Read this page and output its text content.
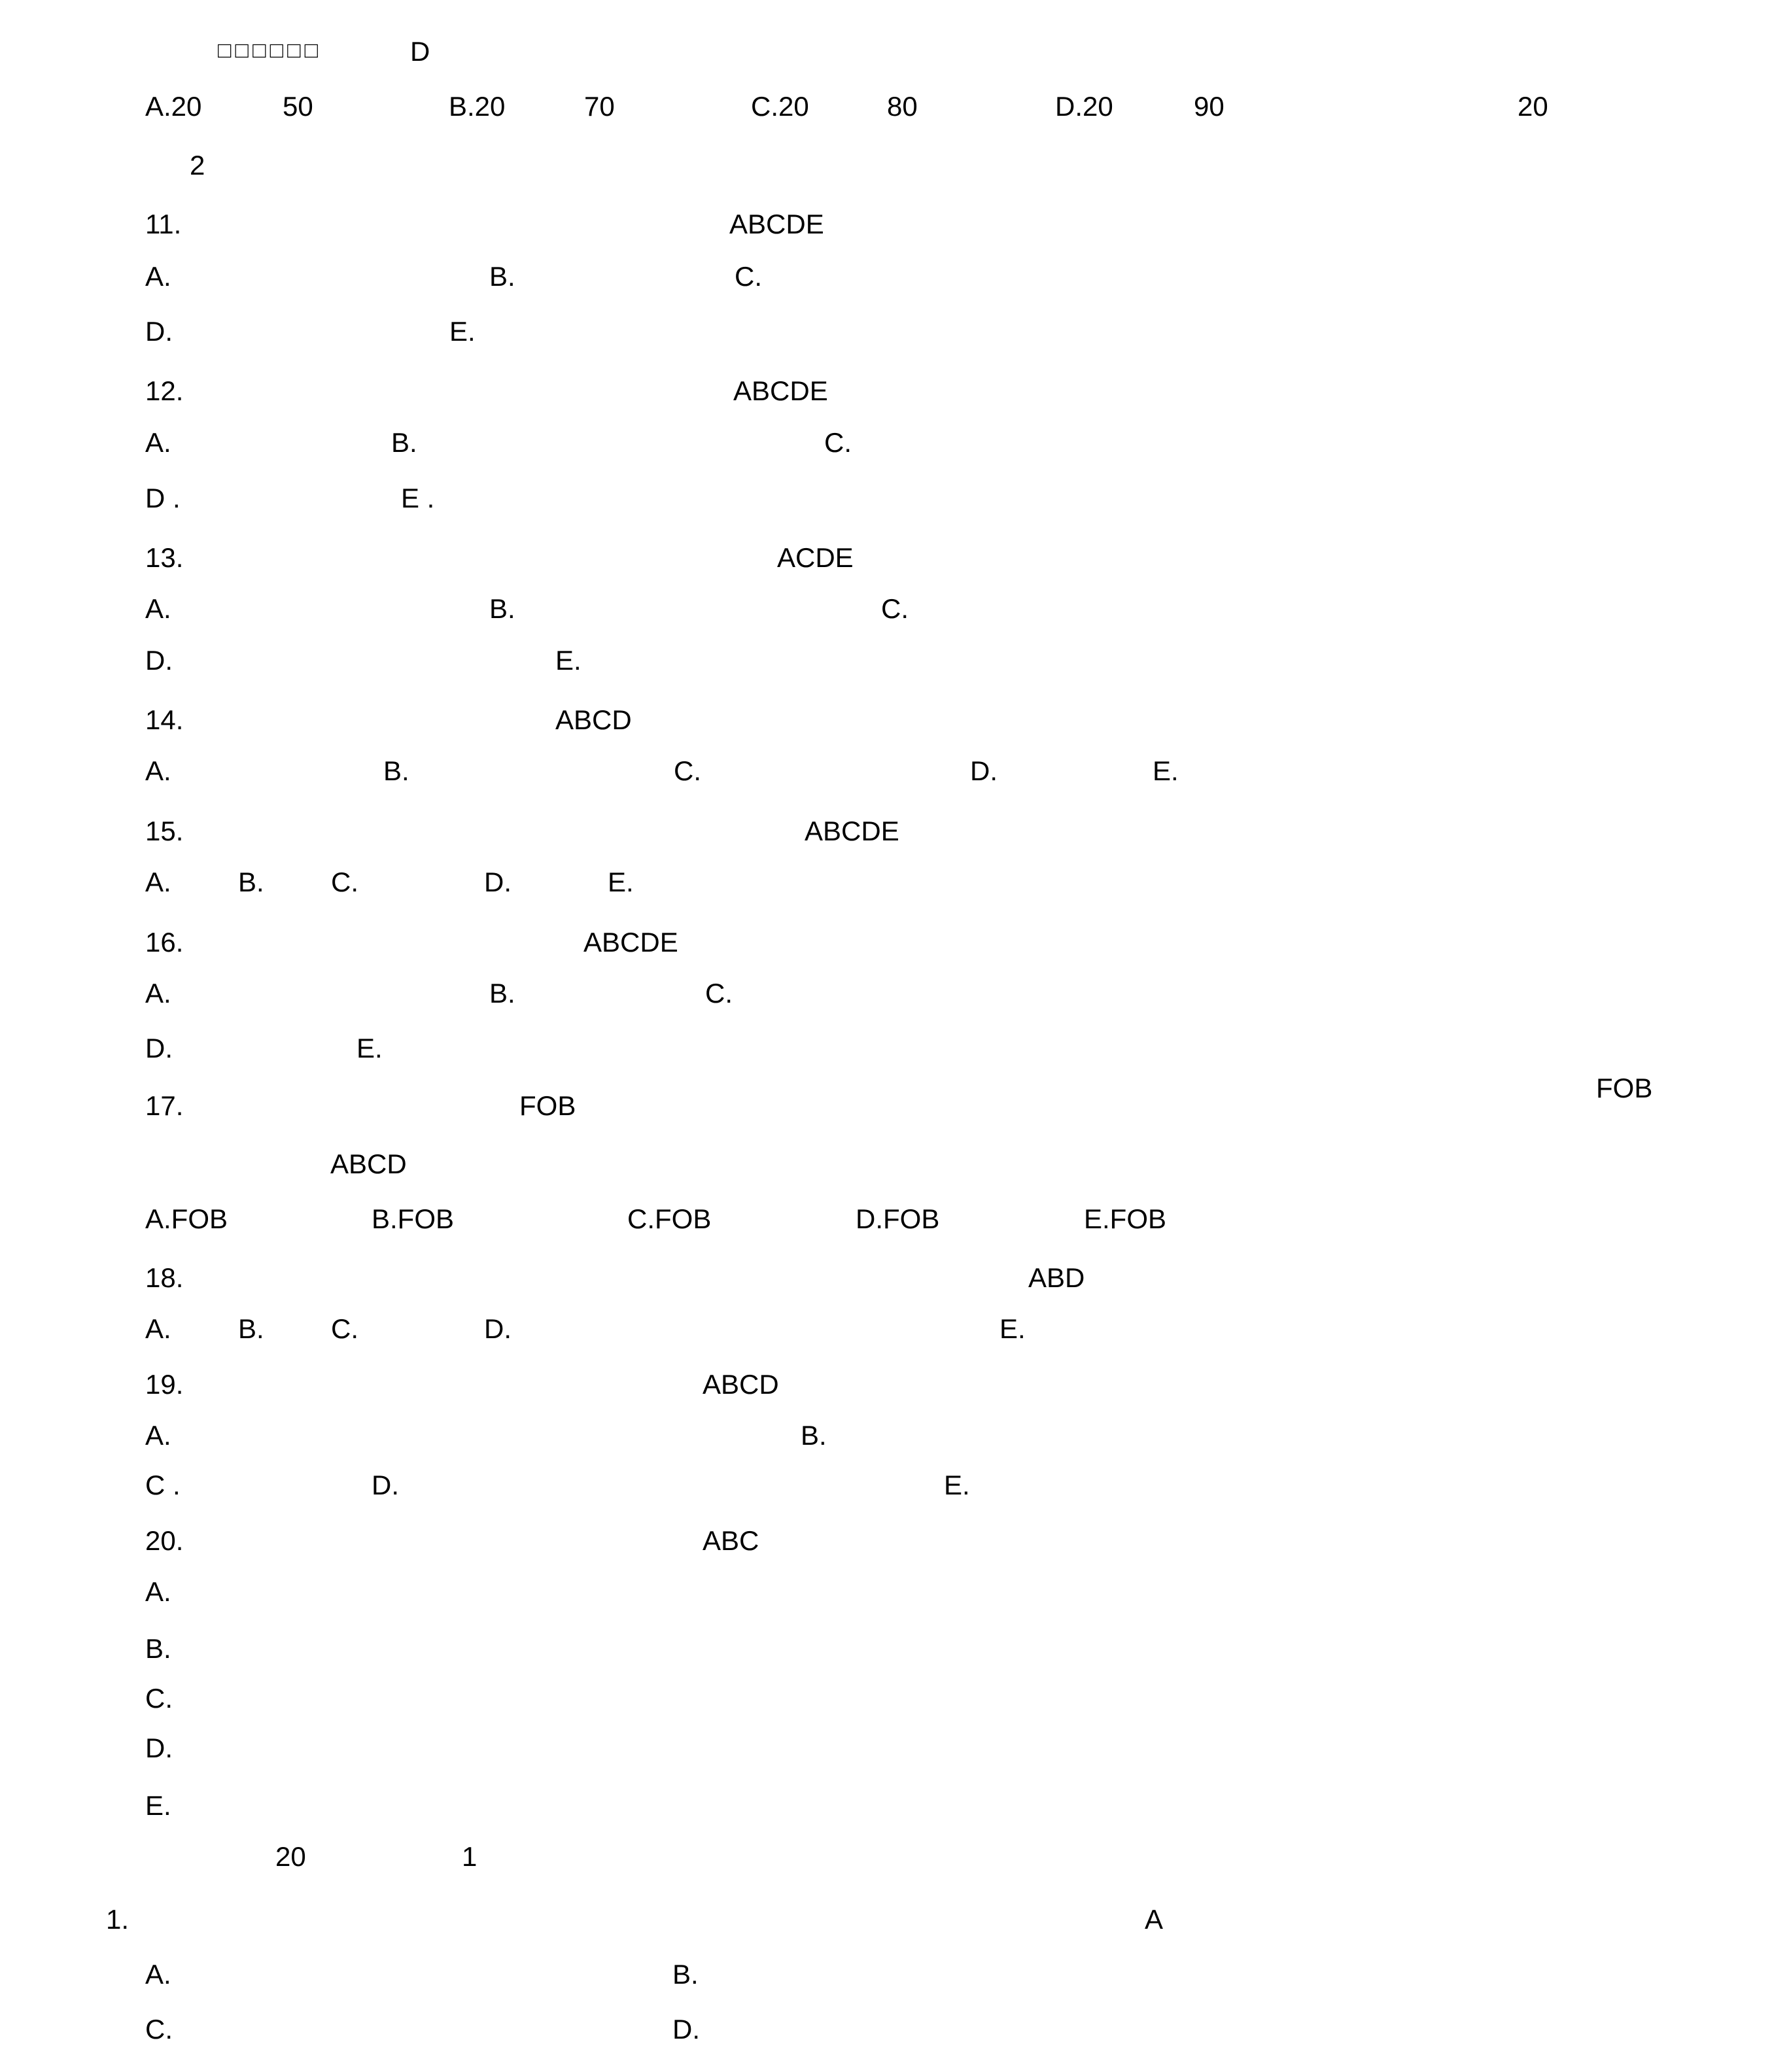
□□□□□□	D
A.20	50	B.20	70	C.20	80	D.20	90	20
2
11.	ABCDE
A.	B.	C.
D.	E.
12.	ABCDE
A.	B.	C.
D .	E .
13.	ACDE
A.	B.	C.
D.	E.
14.	ABCD
A.	B.	C.	D.	E.
15.	ABCDE
A. B. C.	D.	E.
16.	ABCDE
A.	B.	C.
D.	E.
17.	FOB
FOB
ABCD
A.FOB	B.FOB	C.FOB	D.FOB	E.FOB
18.	ABD
A. B. C.	D.	E.
19.	ABCD
A.	B.
C .	D.	E.
20.	ABC
A.
B.
C.
D.
E.
20	1
1.	A
A.	B.
C.	D.
